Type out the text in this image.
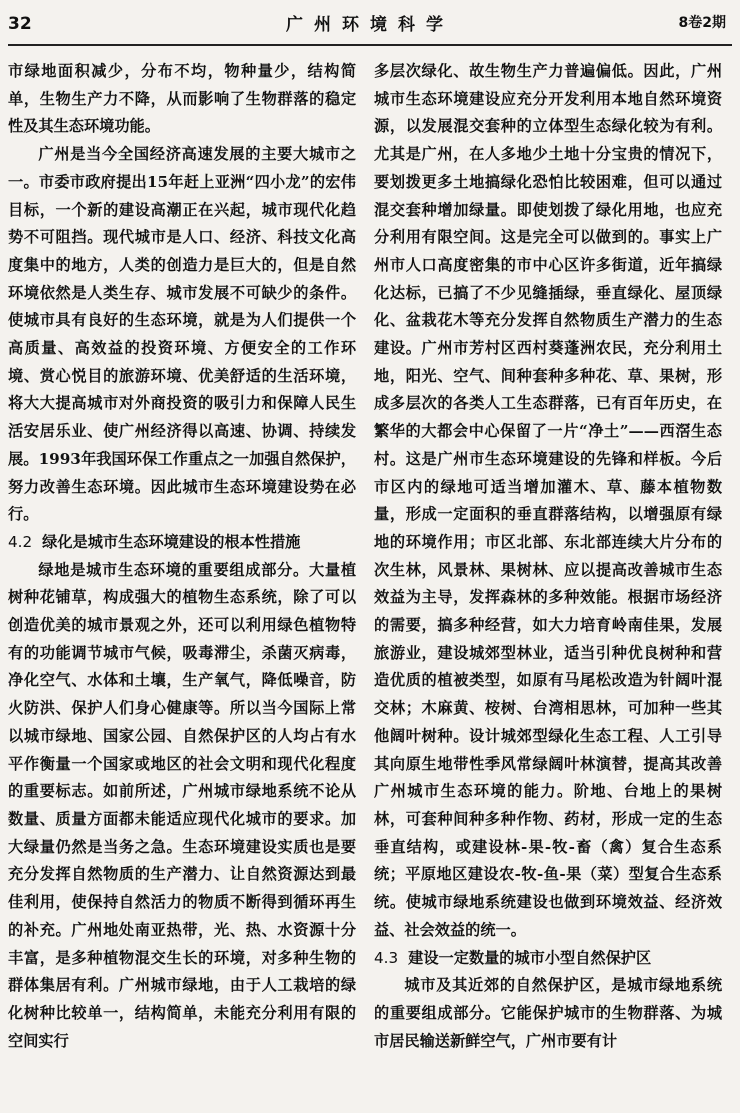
32	广州环境科学	8卷2期

市绿地面积减少，分布不均，物种量少，结构简单，生物生产力不降，从而影响了生物群落的稳定性及其生态环境功能。

广州是当今全国经济高速发展的主要大城市之一。市委市政府提出15年赶上亚洲“四小龙”的宏伟目标，一个新的建设高潮正在兴起，城市现代化趋势不可阻挡。现代城市是人口、经济、科技文化高度集中的地方，人类的创造力是巨大的，但是自然环境依然是人类生存、城市发展不可缺少的条件。使城市具有良好的生态环境，就是为人们提供一个高质量、高效益的投资环境、方便安全的工作环境、赏心悦目的旅游环境、优美舒适的生活环境，将大大提高城市对外商投资的吸引力和保障人民生活安居乐业、使广州经济得以高速、协调、持续发展。1993年我国环保工作重点之一加强自然保护，努力改善生态环境。因此城市生态环境建设势在必行。

4.2 绿化是城市生态环境建设的根本性措施

绿地是城市生态环境的重要组成部分。大量植树种花铺草，构成强大的植物生态系统，除了可以创造优美的城市景观之外，还可以利用绿色植物特有的功能调节城市气候，吸毒滞尘，杀菌灭病毒，净化空气、水体和土壤，生产氧气，降低噪音，防火防洪、保护人们身心健康等。所以当今国际上常以城市绿地、国家公园、自然保护区的人均占有水平作衡量一个国家或地区的社会文明和现代化程度的重要标志。如前所述，广州城市绿地系统不论从数量、质量方面都未能适应现代化城市的要求。加大绿量仍然是当务之急。生态环境建设实质也是要充分发挥自然物质的生产潜力、让自然资源达到最佳利用，使保持自然活力的物质不断得到循环再生的补充。广州地处南亚热带，光、热、水资源十分丰富，是多种植物混交生长的环境，对多种生物的群体集居有利。广州城市绿地，由于人工栽培的绿化树种比较单一，结构简单，未能充分利用有限的空间实行

多层次绿化、故生物生产力普遍偏低。因此，广州城市生态环境建设应充分开发利用本地自然环境资源，以发展混交套种的立体型生态绿化较为有利。尤其是广州，在人多地少土地十分宝贵的情况下，要划拨更多土地搞绿化恐怕比较困难，但可以通过混交套种增加绿量。即使划拨了绿化用地，也应充分利用有限空间。这是完全可以做到的。事实上广州市人口高度密集的市中心区许多街道，近年搞绿化达标，已搞了不少见缝插绿，垂直绿化、屋顶绿化、盆栽花木等充分发挥自然物质生产潜力的生态建设。广州市芳村区西村葵蓬洲农民，充分利用土地，阳光、空气、间种套种多种花、草、果树，形成多层次的各类人工生态群落，已有百年历史，在繁华的大都会中心保留了一片“净土”——西滘生态村。这是广州市生态环境建设的先锋和样板。今后市区内的绿地可适当增加灌木、草、藤本植物数量，形成一定面积的垂直群落结构，以增强原有绿地的环境作用；市区北部、东北部连续大片分布的次生林，风景林、果树林、应以提高改善城市生态效益为主导，发挥森林的多种效能。根据市场经济的需要，搞多种经营，如大力培育岭南佳果，发展旅游业，建设城郊型林业，适当引种优良树种和营造优质的植被类型，如原有马尾松改造为针阔叶混交林；木麻黄、桉树、台湾相思林，可加种一些其他阔叶树种。设计城郊型绿化生态工程、人工引导其向原生地带性季风常绿阔叶林演替，提高其改善广州城市生态环境的能力。阶地、台地上的果树林，可套种间种多种作物、药材，形成一定的生态垂直结构，或建设林-果-牧-畜（禽）复合生态系统；平原地区建设农-牧-鱼-果（菜）型复合生态系统。使城市绿地系统建设也做到环境效益、经济效益、社会效益的统一。

4.3 建设一定数量的城市小型自然保护区

城市及其近郊的自然保护区，是城市绿地系统的重要组成部分。它能保护城市的生物群落、为城市居民输送新鲜空气，广州市要有计
